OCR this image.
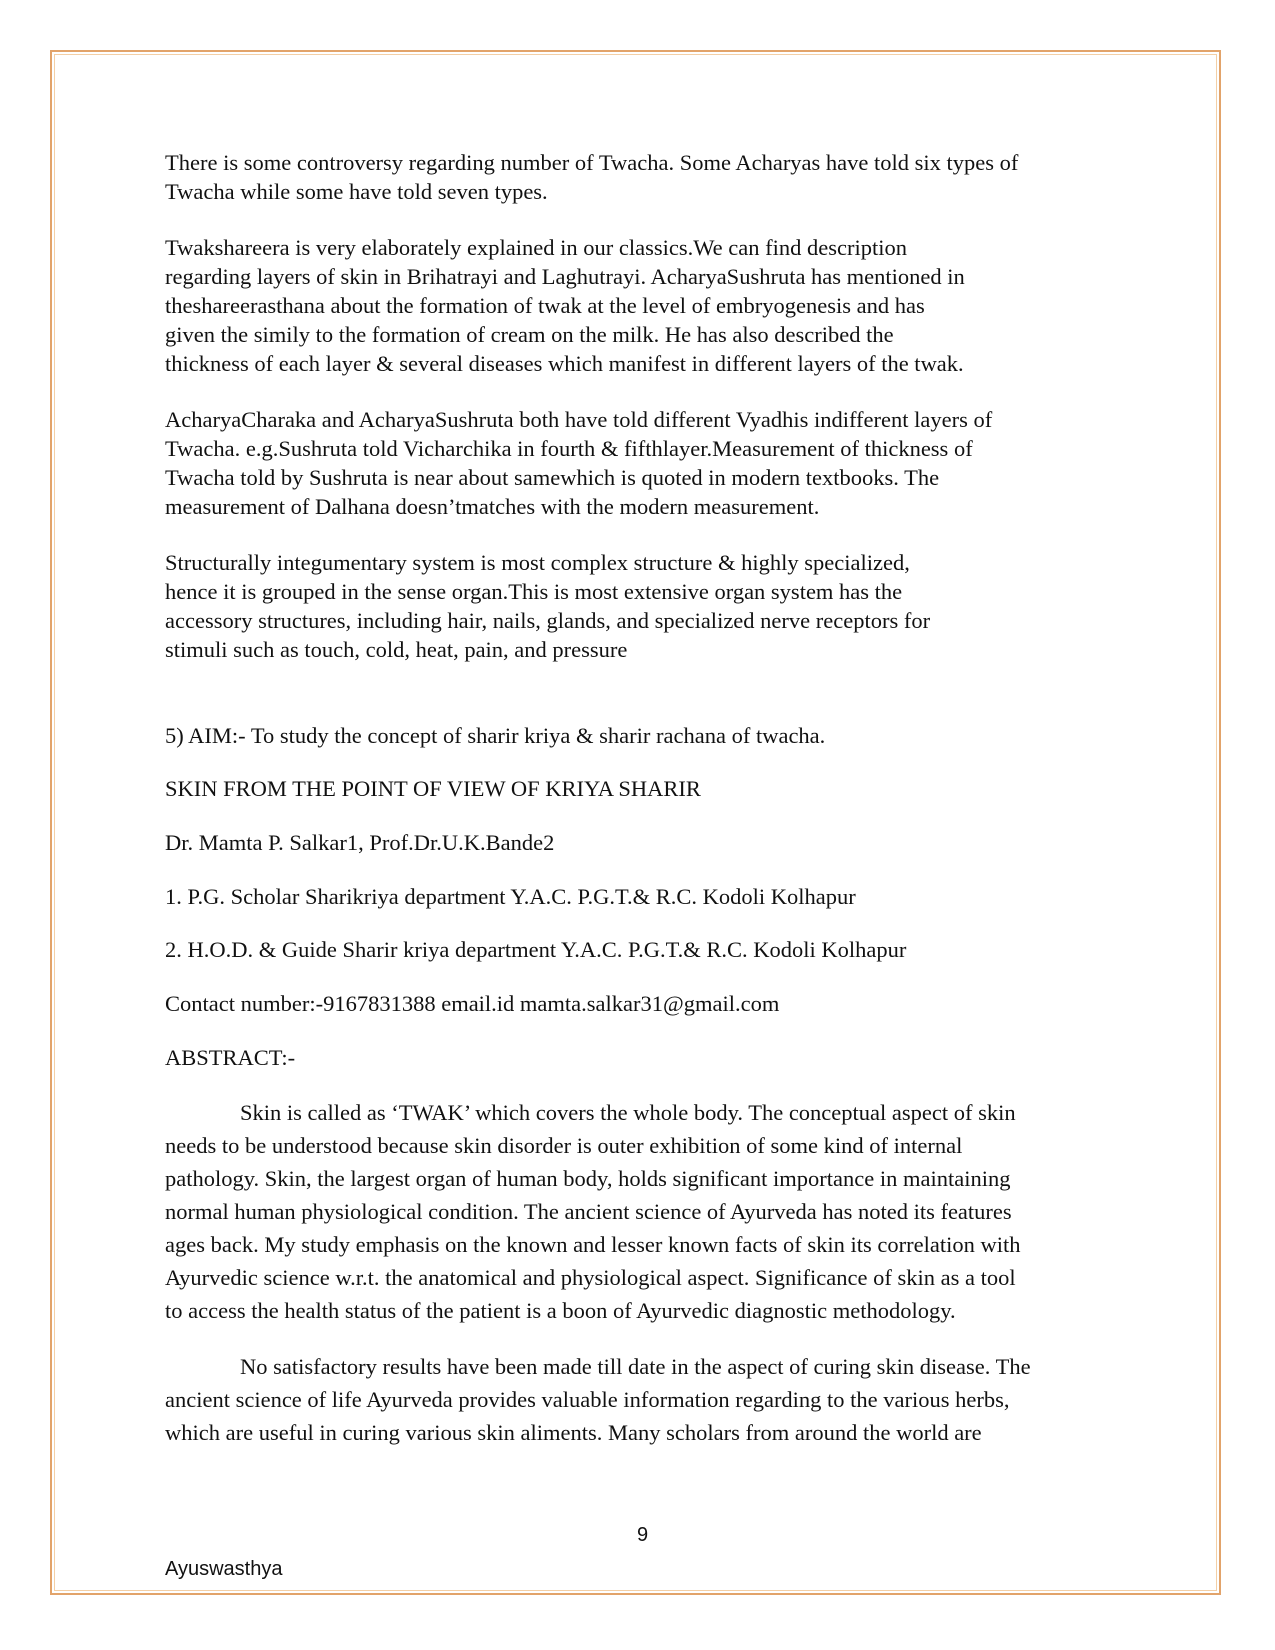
There is some controversy regarding number of Twacha. Some Acharyas have told six types of
Twacha while some have told seven types.
Twakshareera is very elaborately explained in our classics.We can find description
regarding layers of skin in Brihatrayi and Laghutrayi. AcharyaSushruta has mentioned in
theshareerasthana about the formation of twak at the level of embryogenesis and has
given the simily to the formation of cream on the milk. He has also described the
thickness of each layer & several diseases which manifest in different layers of the twak.
AcharyaCharaka and AcharyaSushruta both have told different Vyadhis indifferent layers of
Twacha. e.g.Sushruta told Vicharchika in fourth & fifthlayer.Measurement of thickness of
Twacha told by Sushruta is near about samewhich is quoted in modern textbooks. The
measurement of Dalhana doesn’tmatches with the modern measurement.
Structurally integumentary system is most complex structure & highly specialized,
hence it is grouped in the sense organ.This is most extensive organ system has the
accessory structures, including hair, nails, glands, and specialized nerve receptors for
stimuli such as touch, cold, heat, pain, and pressure

5) AIM:- To study the concept of sharir kriya & sharir rachana of twacha.

SKIN FROM THE POINT OF VIEW OF KRIYA SHARIR

Dr. Mamta P. Salkar1, Prof.Dr.U.K.Bande2

1. P.G. Scholar Sharikriya department Y.A.C. P.G.T.& R.C. Kodoli Kolhapur

2. H.O.D. & Guide Sharir kriya department Y.A.C. P.G.T.& R.C. Kodoli Kolhapur

Contact number:-9167831388 email.id mamta.salkar31@gmail.com

ABSTRACT:-

Skin is called as ‘TWAK’ which covers the whole body. The conceptual aspect of skin
needs to be understood because skin disorder is outer exhibition of some kind of internal
pathology. Skin, the largest organ of human body, holds significant importance in maintaining
normal human physiological condition. The ancient science of Ayurveda has noted its features
ages back. My study emphasis on the known and lesser known facts of skin its correlation with
Ayurvedic science w.r.t. the anatomical and physiological aspect. Significance of skin as a tool
to access the health status of the patient is a boon of Ayurvedic diagnostic methodology.
No satisfactory results have been made till date in the aspect of curing skin disease. The
ancient science of life Ayurveda provides valuable information regarding to the various herbs,
which are useful in curing various skin aliments. Many scholars from around the world are
9
Ayuswasthya
